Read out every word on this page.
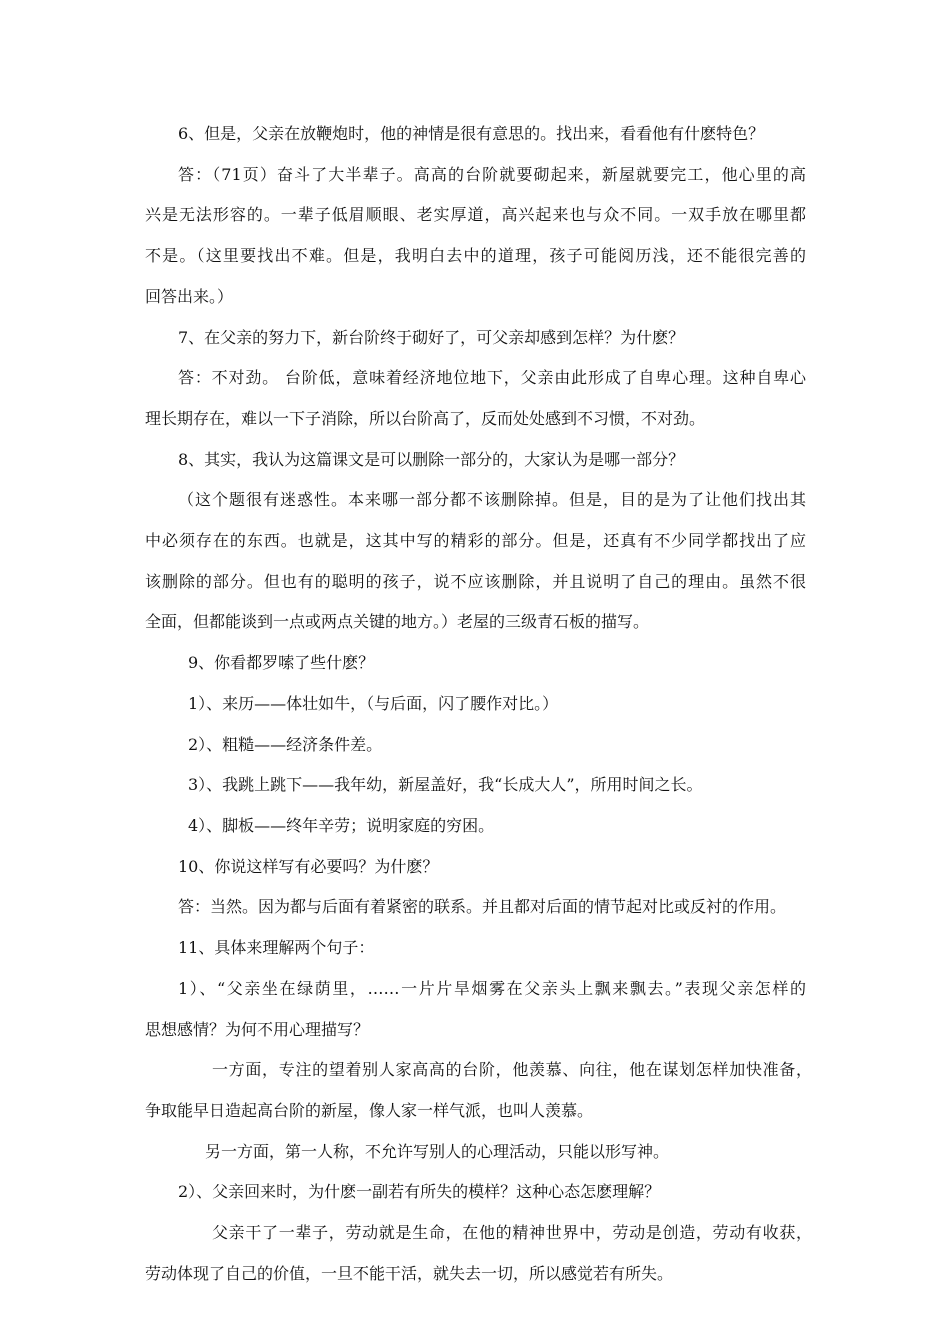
6、但是，父亲在放鞭炮时，他的神情是很有意思的。找出来，看看他有什麽特色？
答：（71页）奋斗了大半辈子。高高的台阶就要砌起来，新屋就要完工，他心里的高
兴是无法形容的。一辈子低眉顺眼、老实厚道，高兴起来也与众不同。一双手放在哪里都
不是。（这里要找出不难。但是，我明白去中的道理，孩子可能阅历浅，还不能很完善的
回答出来。）
7、在父亲的努力下，新台阶终于砌好了，可父亲却感到怎样？为什麽？
答：不对劲。 台阶低，意味着经济地位地下，父亲由此形成了自卑心理。这种自卑心
理长期存在，难以一下子消除，所以台阶高了，反而处处感到不习惯，不对劲。
8、其实，我认为这篇课文是可以删除一部分的，大家认为是哪一部分？
（这个题很有迷惑性。本来哪一部分都不该删除掉。但是，目的是为了让他们找出其
中必须存在的东西。也就是，这其中写的精彩的部分。但是，还真有不少同学都找出了应
该删除的部分。但也有的聪明的孩子，说不应该删除，并且说明了自己的理由。虽然不很
全面，但都能谈到一点或两点关键的地方。）老屋的三级青石板的描写。
9、你看都罗嗦了些什麽？
1）、来历——体壮如牛，（与后面，闪了腰作对比。）
2）、粗糙——经济条件差。
3）、我跳上跳下——我年幼，新屋盖好，我“长成大人”，所用时间之长。
4）、脚板——终年辛劳；说明家庭的穷困。
10、你说这样写有必要吗？为什麽？
答：当然。因为都与后面有着紧密的联系。并且都对后面的情节起对比或反衬的作用。
11、具体来理解两个句子：
1）、“父亲坐在绿荫里，……一片片旱烟雾在父亲头上飘来飘去。”表现父亲怎样的
思想感情？为何不用心理描写？
一方面，专注的望着别人家高高的台阶，他羡慕、向往，他在谋划怎样加快准备，
争取能早日造起高台阶的新屋，像人家一样气派，也叫人羡慕。
另一方面，第一人称，不允许写别人的心理活动，只能以形写神。
2）、父亲回来时，为什麽一副若有所失的模样？这种心态怎麽理解？
父亲干了一辈子，劳动就是生命，在他的精神世界中，劳动是创造，劳动有收获，
劳动体现了自己的价值，一旦不能干活，就失去一切，所以感觉若有所失。
